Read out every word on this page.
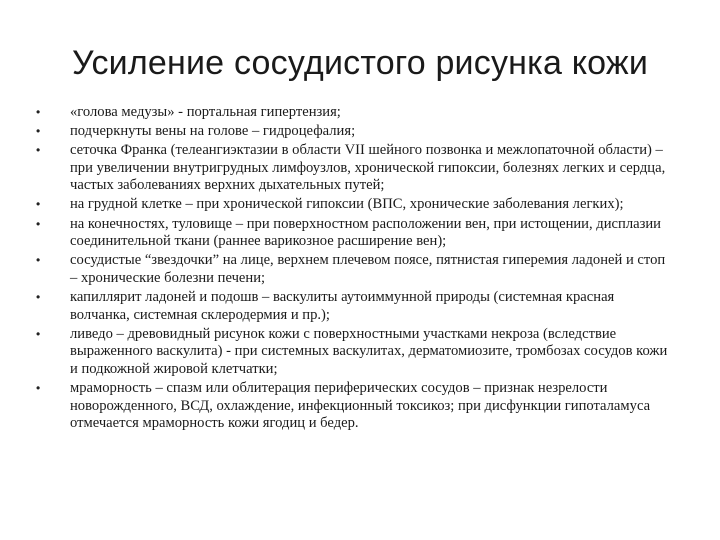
Усиление сосудистого рисунка кожи
• «голова медузы» - портальная гипертензия;
• подчеркнуты вены на голове – гидроцефалия;
• сеточка Франка (телеангиэктазии в области VII шейного позвонка и межлопаточной области) – при увеличении внутригрудных лимфоузлов, хронической гипоксии, болезнях легких и сердца, частых заболеваниях верхних дыхательных путей;
• на грудной клетке – при хронической гипоксии (ВПС, хронические заболевания легких);
• на конечностях, туловище – при поверхностном расположении вен, при истощении, дисплазии соединительной ткани (раннее варикозное расширение вен);
• сосудистые “звездочки” на лице, верхнем плечевом поясе, пятнистая гиперемия ладоней и стоп – хронические болезни печени;
• капиллярит ладоней и подошв – васкулиты аутоиммунной природы (системная красная волчанка, системная склеродермия и пр.);
• ливедо – древовидный рисунок кожи с поверхностными участками некроза (вследствие выраженного васкулита) - при системных васкулитах, дерматомиозите, тромбозах сосудов кожи и подкожной жировой клетчатки;
• мраморность – спазм или облитерация периферических сосудов – признак незрелости новорожденного, ВСД, охлаждение, инфекционный токсикоз; при дисфункции гипоталамуса отмечается мраморность кожи ягодиц и бедер.
